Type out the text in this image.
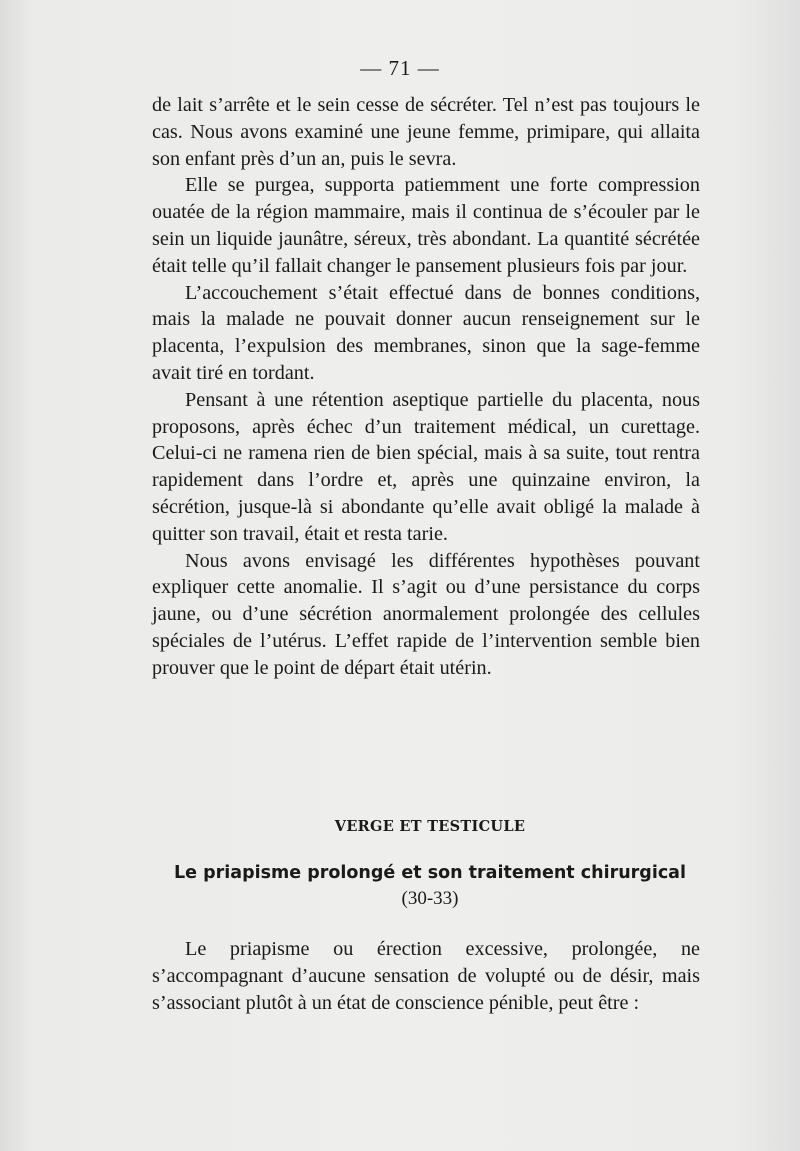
— 71 —

de lait s’arrête et le sein cesse de sécréter. Tel n’est pas toujours le cas. Nous avons examiné une jeune femme, primipare, qui allaita son enfant près d’un an, puis le sevra.

Elle se purgea, supporta patiemment une forte compression ouatée de la région mammaire, mais il continua de s’écouler par le sein un liquide jaunâtre, séreux, très abondant. La quantité sécrétée était telle qu’il fallait changer le pansement plusieurs fois par jour.

L’accouchement s’était effectué dans de bonnes conditions, mais la malade ne pouvait donner aucun renseignement sur le placenta, l’expulsion des membranes, sinon que la sage-femme avait tiré en tordant.

Pensant à une rétention aseptique partielle du placenta, nous proposons, après échec d’un traitement médical, un curettage. Celui-ci ne ramena rien de bien spécial, mais à sa suite, tout rentra rapidement dans l’ordre et, après une quinzaine environ, la sécrétion, jusque-là si abondante qu’elle avait obligé la malade à quitter son travail, était et resta tarie.

Nous avons envisagé les différentes hypothèses pouvant expliquer cette anomalie. Il s’agit ou d’une persistance du corps jaune, ou d’une sécrétion anormalement prolongée des cellules spéciales de l’utérus. L’effet rapide de l’intervention semble bien prouver que le point de départ était utérin.

VERGE ET TESTICULE
Le priapisme prolongé et son traitement chirurgical
(30-33)

Le priapisme ou érection excessive, prolongée, ne s’accompagnant d’aucune sensation de volupté ou de désir, mais s’associant plutôt à un état de conscience pénible, peut être :
